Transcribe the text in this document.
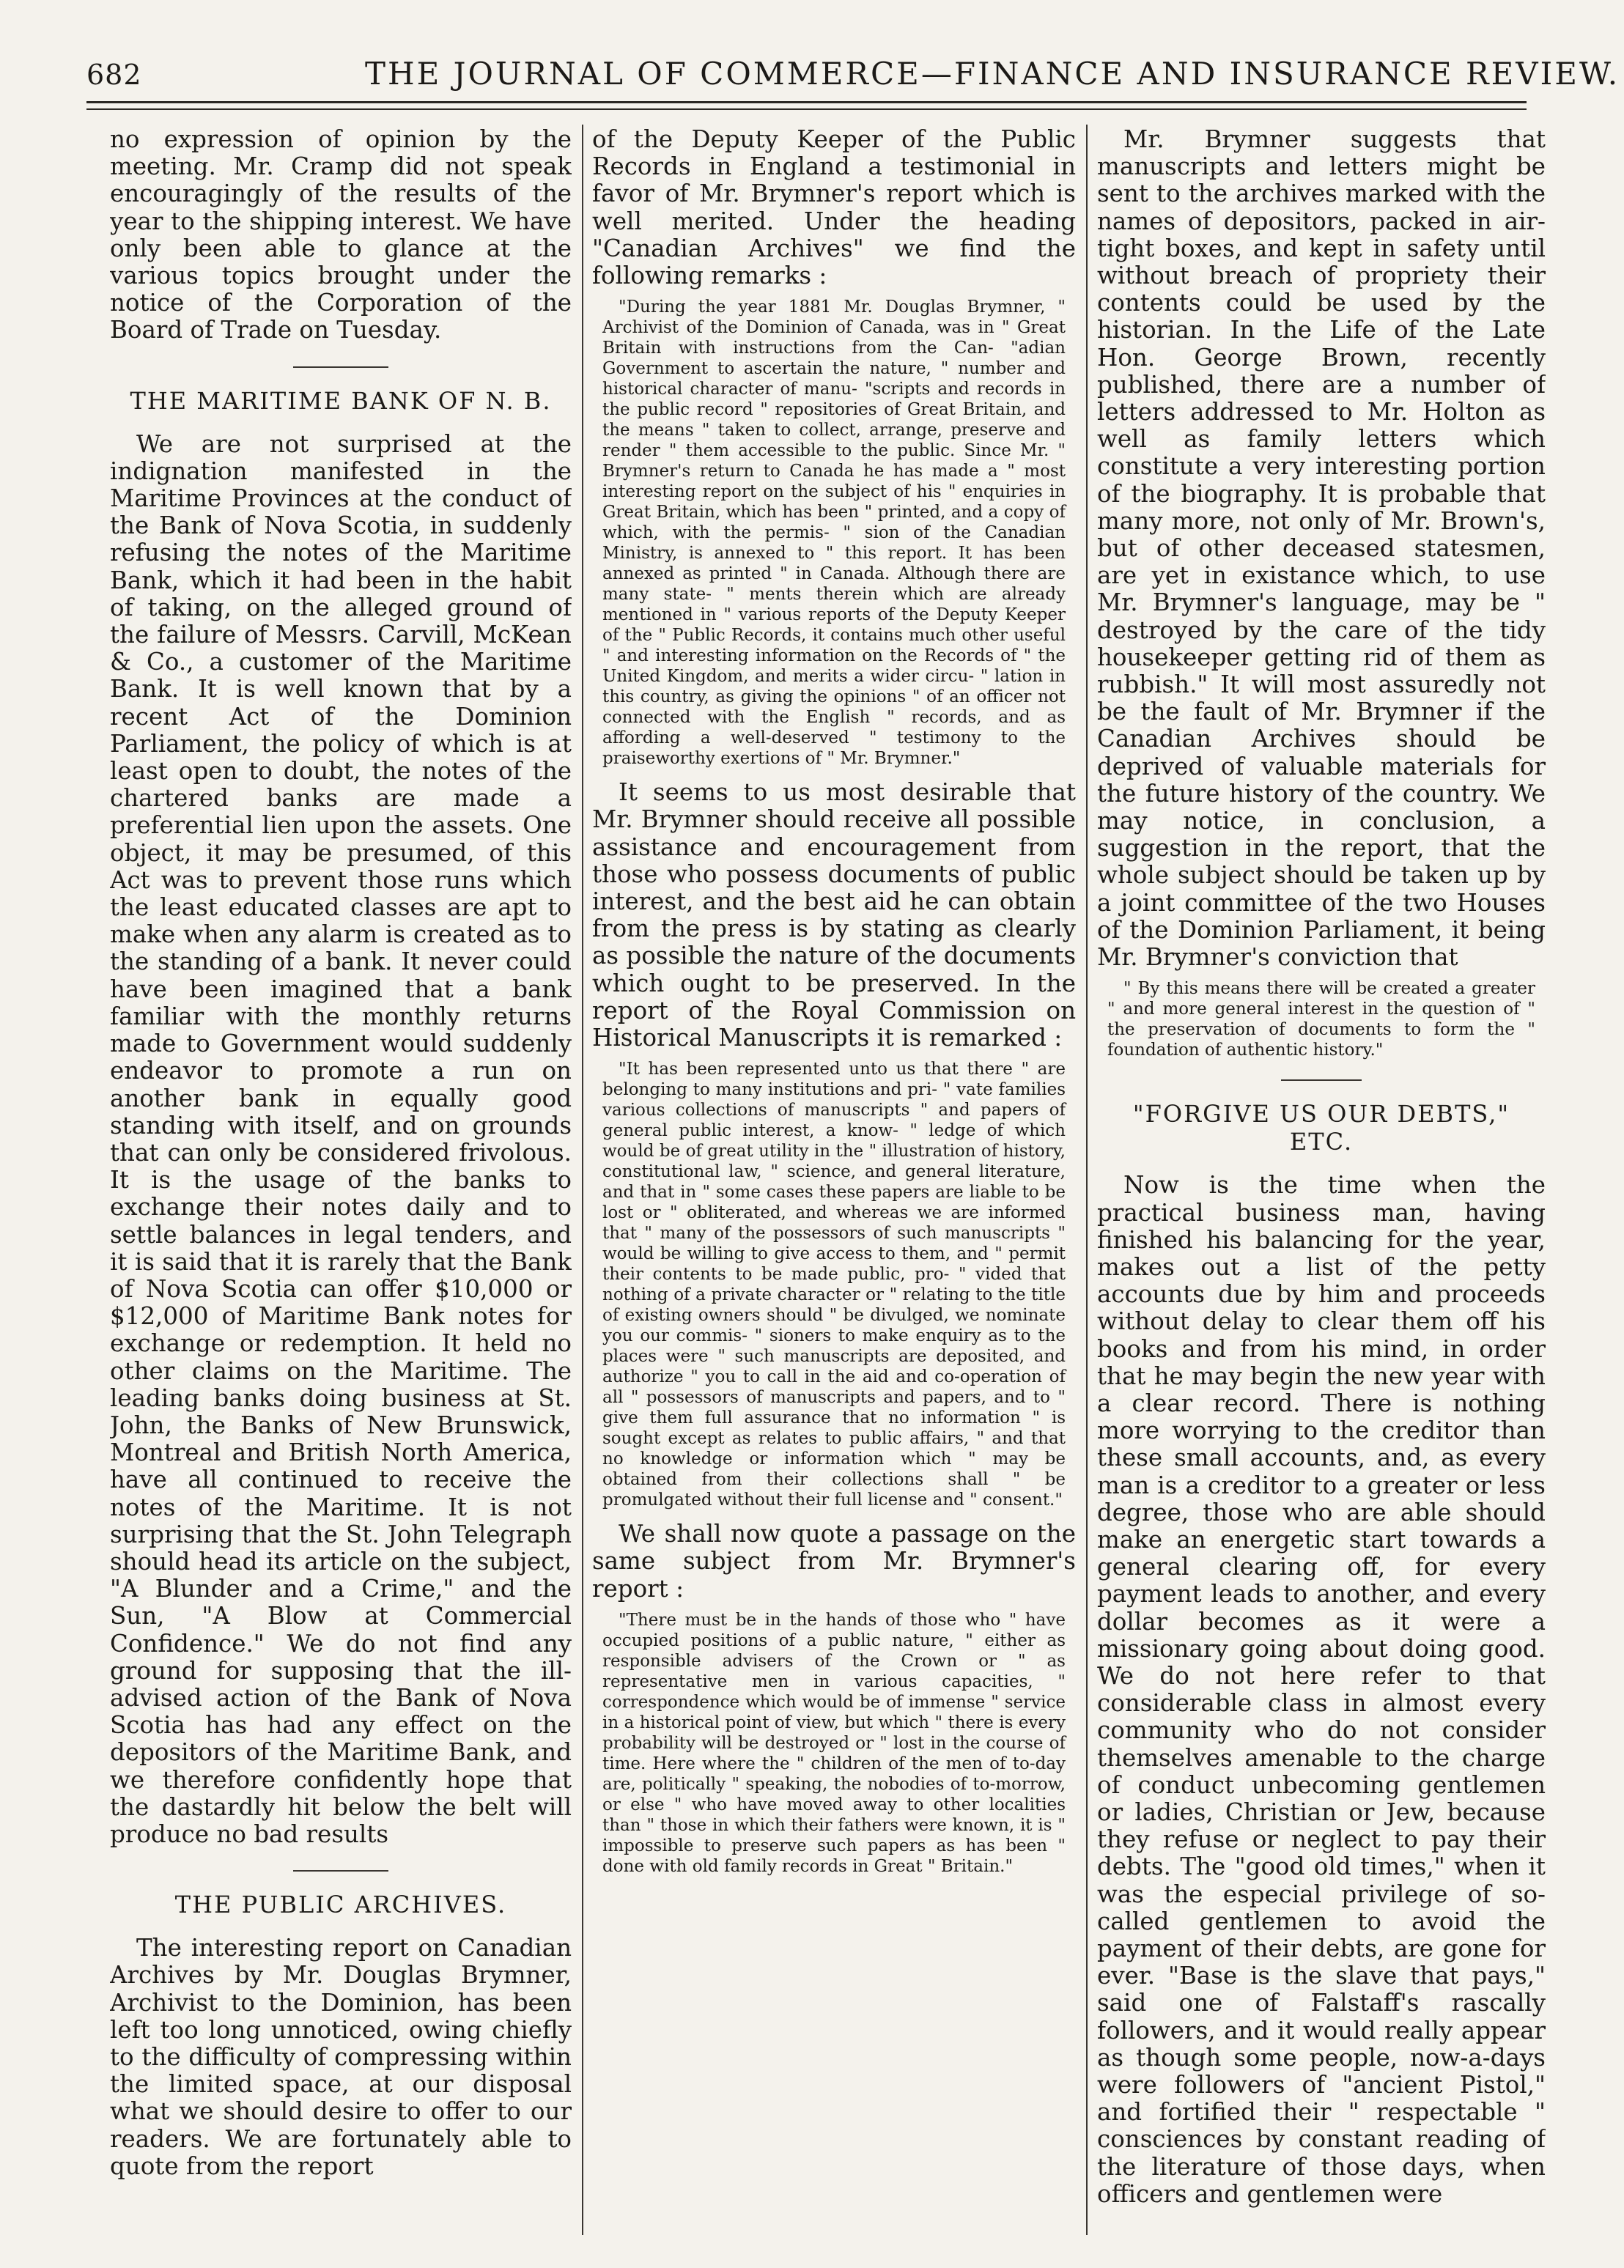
682	THE JOURNAL OF COMMERCE—FINANCE AND INSURANCE REVIEW.

no expression of opinion by the meeting. Mr. Cramp did not speak encouragingly of the results of the year to the shipping interest. We have only been able to glance at the various topics brought under the notice of the Corporation of the Board of Trade on Tuesday.

THE MARITIME BANK OF N. B.

We are not surprised at the indignation manifested in the Maritime Provinces at the conduct of the Bank of Nova Scotia, in suddenly refusing the notes of the Maritime Bank, which it had been in the habit of taking, on the alleged ground of the failure of Messrs. Carvill, McKean & Co., a customer of the Maritime Bank. It is well known that by a recent Act of the Dominion Parliament, the policy of which is at least open to doubt, the notes of the chartered banks are made a preferential lien upon the assets. One object, it may be presumed, of this Act was to prevent those runs which the least educated classes are apt to make when any alarm is created as to the standing of a bank. It never could have been imagined that a bank familiar with the monthly returns made to Government would suddenly endeavor to promote a run on another bank in equally good standing with itself, and on grounds that can only be considered frivolous. It is the usage of the banks to exchange their notes daily and to settle balances in legal tenders, and it is said that it is rarely that the Bank of Nova Scotia can offer $10,000 or $12,000 of Maritime Bank notes for exchange or redemption. It held no other claims on the Maritime. The leading banks doing business at St. John, the Banks of New Brunswick, Montreal and British North America, have all continued to receive the notes of the Maritime. It is not surprising that the St. John Telegraph should head its article on the subject, "A Blunder and a Crime," and the Sun, "A Blow at Commercial Confidence." We do not find any ground for supposing that the ill-advised action of the Bank of Nova Scotia has had any effect on the depositors of the Maritime Bank, and we therefore confidently hope that the dastardly hit below the belt will produce no bad results

THE PUBLIC ARCHIVES.

The interesting report on Canadian Archives by Mr. Douglas Brymner, Archivist to the Dominion, has been left too long unnoticed, owing chiefly to the difficulty of compressing within the limited space, at our disposal what we should desire to offer to our readers. We are fortunately able to quote from the report

of the Deputy Keeper of the Public Records in England a testimonial in favor of Mr. Brymner's report which is well merited. Under the heading "Canadian Archives" we find the following remarks :

"During the year 1881 Mr. Douglas Brymner, " Archivist of the Dominion of Canada, was in " Great Britain with instructions from the Can- "adian Government to ascertain the nature, " number and historical character of manu- "scripts and records in the public record " repositories of Great Britain, and the means " taken to collect, arrange, preserve and render " them accessible to the public. Since Mr. " Brymner's return to Canada he has made a " most interesting report on the subject of his " enquiries in Great Britain, which has been " printed, and a copy of which, with the permis- " sion of the Canadian Ministry, is annexed to " this report. It has been annexed as printed " in Canada. Although there are many state- " ments therein which are already mentioned in " various reports of the Deputy Keeper of the " Public Records, it contains much other useful " and interesting information on the Records of " the United Kingdom, and merits a wider circu- " lation in this country, as giving the opinions " of an officer not connected with the English " records, and as affording a well-deserved " testimony to the praiseworthy exertions of " Mr. Brymner."

It seems to us most desirable that Mr. Brymner should receive all possible assistance and encouragement from those who possess documents of public interest, and the best aid he can obtain from the press is by stating as clearly as possible the nature of the documents which ought to be preserved. In the report of the Royal Commission on Historical Manuscripts it is remarked :

"It has been represented unto us that there " are belonging to many institutions and pri- " vate families various collections of manuscripts " and papers of general public interest, a know- " ledge of which would be of great utility in the " illustration of history, constitutional law, " science, and general literature, and that in " some cases these papers are liable to be lost or " obliterated, and whereas we are informed that " many of the possessors of such manuscripts " would be willing to give access to them, and " permit their contents to be made public, pro- " vided that nothing of a private character or " relating to the title of existing owners should " be divulged, we nominate you our commis- " sioners to make enquiry as to the places were " such manuscripts are deposited, and authorize " you to call in the aid and co-operation of all " possessors of manuscripts and papers, and to " give them full assurance that no information " is sought except as relates to public affairs, " and that no knowledge or information which " may be obtained from their collections shall " be promulgated without their full license and " consent."

We shall now quote a passage on the same subject from Mr. Brymner's report :

"There must be in the hands of those who " have occupied positions of a public nature, " either as responsible advisers of the Crown or " as representative men in various capacities, " correspondence which would be of immense " service in a historical point of view, but which " there is every probability will be destroyed or " lost in the course of time. Here where the " children of the men of to-day are, politically " speaking, the nobodies of to-morrow, or else " who have moved away to other localities than " those in which their fathers were known, it is " impossible to preserve such papers as has been " done with old family records in Great " Britain."

Mr. Brymner suggests that manuscripts and letters might be sent to the archives marked with the names of depositors, packed in air-tight boxes, and kept in safety until without breach of propriety their contents could be used by the historian. In the Life of the Late Hon. George Brown, recently published, there are a number of letters addressed to Mr. Holton as well as family letters which constitute a very interesting portion of the biography. It is probable that many more, not only of Mr. Brown's, but of other deceased statesmen, are yet in existance which, to use Mr. Brymner's language, may be " destroyed by the care of the tidy housekeeper getting rid of them as rubbish." It will most assuredly not be the fault of Mr. Brymner if the Canadian Archives should be deprived of valuable materials for the future history of the country. We may notice, in conclusion, a suggestion in the report, that the whole subject should be taken up by a joint committee of the two Houses of the Dominion Parliament, it being Mr. Brymner's conviction that

" By this means there will be created a greater " and more general interest in the question of " the preservation of documents to form the " foundation of authentic history."
"FORGIVE US OUR DEBTS," ETC.

Now is the time when the practical business man, having finished his balancing for the year, makes out a list of the petty accounts due by him and proceeds without delay to clear them off his books and from his mind, in order that he may begin the new year with a clear record. There is nothing more worrying to the creditor than these small accounts, and, as every man is a creditor to a greater or less degree, those who are able should make an energetic start towards a general clearing off, for every payment leads to another, and every dollar becomes as it were a missionary going about doing good. We do not here refer to that considerable class in almost every community who do not consider themselves amenable to the charge of conduct unbecoming gentlemen or ladies, Christian or Jew, because they refuse or neglect to pay their debts. The "good old times," when it was the especial privilege of so-called gentlemen to avoid the payment of their debts, are gone for ever. "Base is the slave that pays," said one of Falstaff's rascally followers, and it would really appear as though some people, now-a-days were followers of "ancient Pistol," and fortified their " respectable " consciences by constant reading of the literature of those days, when officers and gentlemen were
